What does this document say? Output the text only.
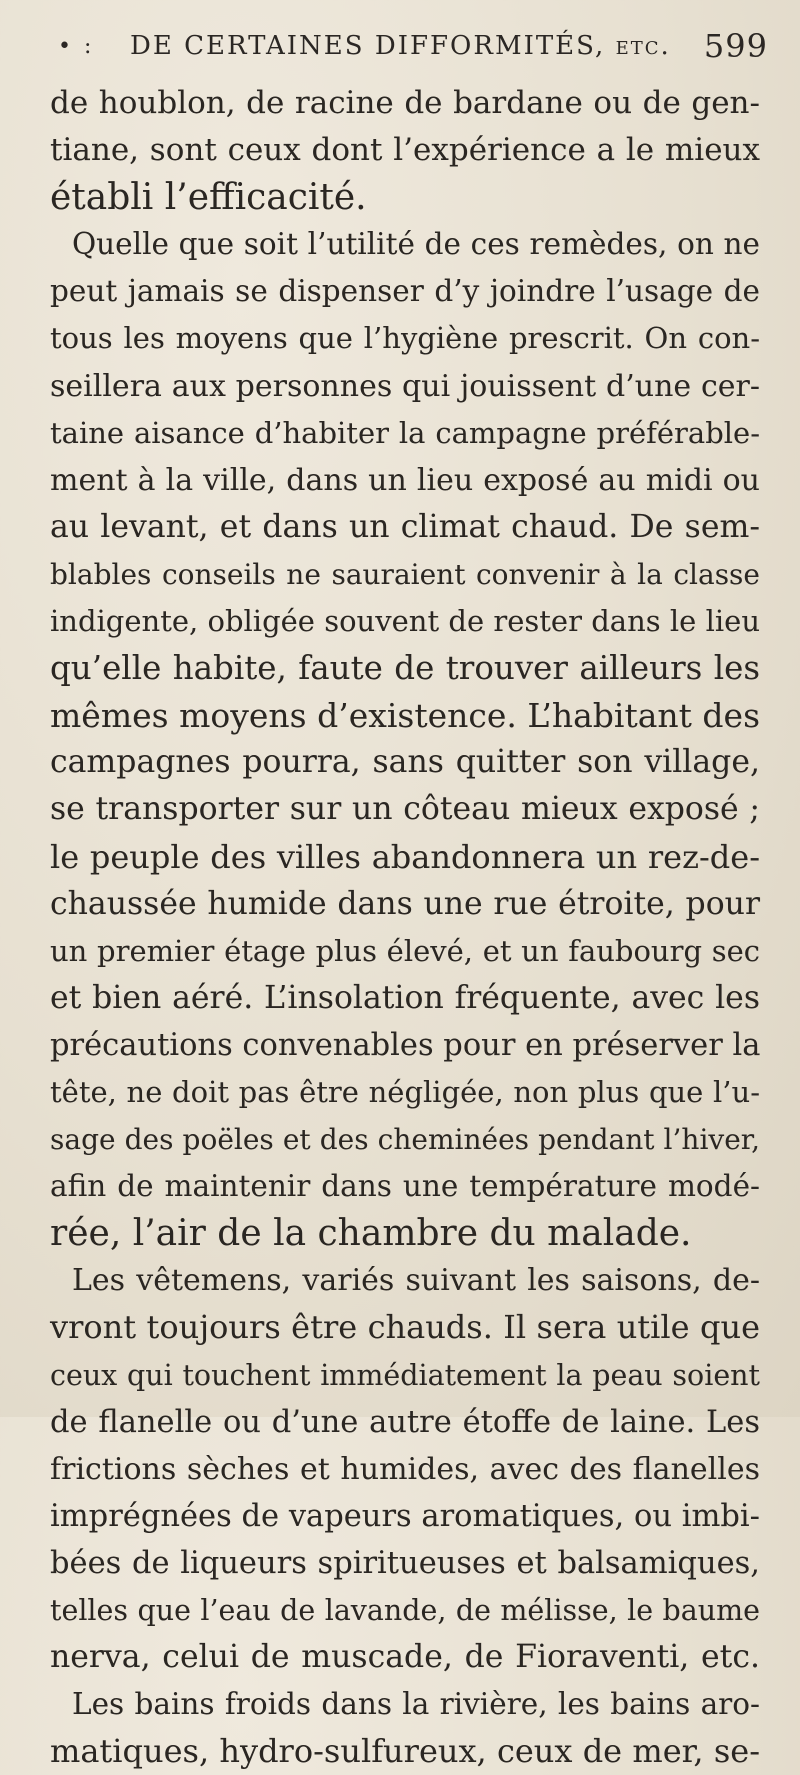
• :	DE CERTAINES DIFFORMITÉS, etc.	599
de houblon, de racine de bardane ou de gen-
tiane, sont ceux dont l’expérience a le mieux
établi l’efficacité.
Quelle que soit l’utilité de ces remèdes, on ne
peut jamais se dispenser d’y joindre l’usage de
tous les moyens que l’hygiène prescrit. On con-
seillera aux personnes qui jouissent d’une cer-
taine aisance d’habiter la campagne préférable-
ment à la ville, dans un lieu exposé au midi ou
au levant, et dans un climat chaud. De sem-
blables conseils ne sauraient convenir à la classe
indigente, obligée souvent de rester dans le lieu
qu’elle habite, faute de trouver ailleurs les
mêmes moyens d’existence. L’habitant des
campagnes pourra, sans quitter son village,
se transporter sur un côteau mieux exposé ;
le peuple des villes abandonnera un rez-de-
chaussée humide dans une rue étroite, pour
un premier étage plus élevé, et un faubourg sec
et bien aéré. L’insolation fréquente, avec les
précautions convenables pour en préserver la
tête, ne doit pas être négligée, non plus que l’u-
sage des poëles et des cheminées pendant l’hiver,
afin de maintenir dans une température modé-
rée, l’air de la chambre du malade.
Les vêtemens, variés suivant les saisons, de-
vront toujours être chauds. Il sera utile que
ceux qui touchent immédiatement la peau soient
de flanelle ou d’une autre étoffe de laine. Les
frictions sèches et humides, avec des flanelles
imprégnées de vapeurs aromatiques, ou imbi-
bées de liqueurs spiritueuses et balsamiques,
telles que l’eau de lavande, de mélisse, le baume
nerva, celui de muscade, de Fioraventi, etc.
Les bains froids dans la rivière, les bains aro-
matiques, hydro-sulfureux, ceux de mer, se-
